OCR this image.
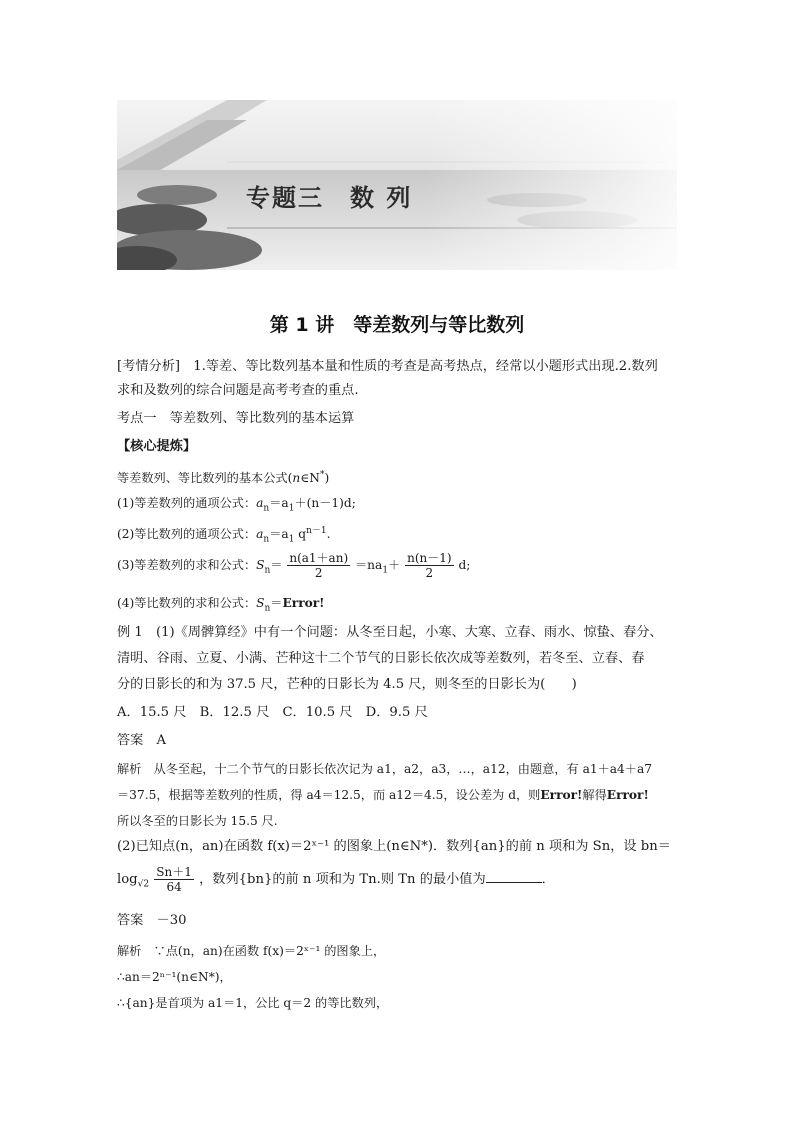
专题三　数 列
第 1 讲　等差数列与等比数列
[考情分析]　1.等差、等比数列基本量和性质的考查是高考热点，经常以小题形式出现.2.数列
求和及数列的综合问题是高考考查的重点.
考点一　等差数列、等比数列的基本运算
【核心提炼】
等差数列、等比数列的基本公式(n∈N*)
(1)等差数列的通项公式：$a_n=a_1+(n-1)d$;
(2)等比数列的通项公式：$a_n=a_1$ $q^{n-1}$.
(3)等差数列的求和公式：$S_n= \frac{n(a1+an)}{2} =na_1+ \frac{n(n-1)}{2} d$;
(4)等比数列的求和公式：$S_n=Error$!
例 1　(1)《周髀算经》中有一个问题：从冬至日起，小寒、大寒、立春、雨水、惊蛰、春分、
清明、谷雨、立夏、小满、芒种这十二个节气的日影长依次成等差数列，若冬至、立春、春
分的日影长的和为 37.5 尺，芒种的日影长为 4.5 尺，则冬至的日影长为(　　)
A．15.5 尺　B．12.5 尺　C．10.5 尺　D．9.5 尺
答案　A
解析　从冬至起，十二个节气的日影长依次记为 a1，a2，a3，…，a12，由题意，有 a1＋a4＋a7
＝37.5，根据等差数列的性质，得 a4＝12.5，而 a12＝4.5，设公差为 d，则Error!解得Error!
所以冬至的日影长为 15.5 尺.
(2)已知点(n，an)在函数 f(x)＝2ˣ⁻¹ 的图象上(n∈N*)．数列{an}的前 n 项和为 Sn，设 bn＝
$\log_{√2} \frac{Sn+1}{64}$ ，数列{bn}的前 n 项和为 Tn.则 Tn 的最小值为	．
答案　－30
解析　∵点(n，an)在函数 f(x)＝2ˣ⁻¹ 的图象上，
∴an＝2ⁿ⁻¹(n∈N*)，
∴{an}是首项为 a1＝1，公比 q＝2 的等比数列，
